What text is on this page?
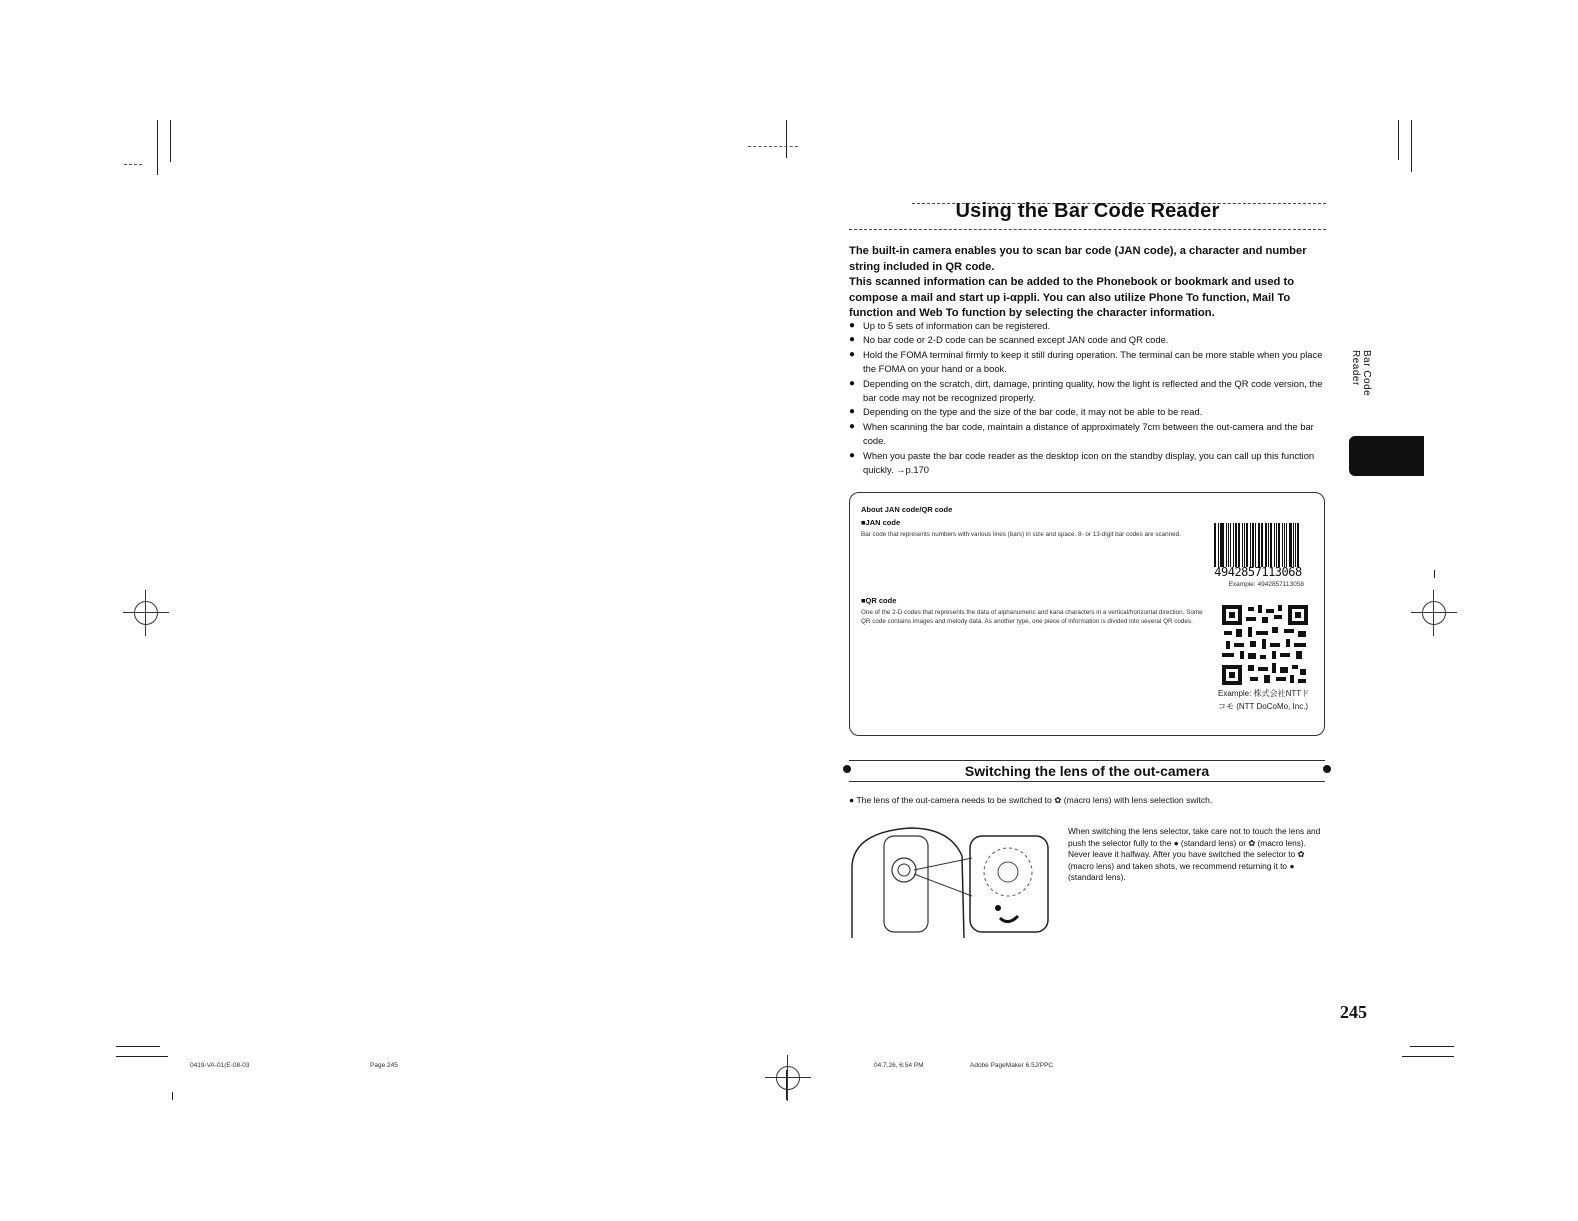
Using the Bar Code Reader
The built-in camera enables you to scan bar code (JAN code), a character and number string included in QR code.
This scanned information can be added to the Phonebook or bookmark and used to compose a mail and start up i-αppli. You can also utilize Phone To function, Mail To function and Web To function by selecting the character information.
● Up to 5 sets of information can be registered.
● No bar code or 2-D code can be scanned except JAN code and QR code.
● Hold the FOMA terminal firmly to keep it still during operation. The terminal can be more stable when you place the FOMA on your hand or a book.
● Depending on the scratch, dirt, damage, printing quality, how the light is reflected and the QR code version, the bar code may not be recognized properly.
● Depending on the type and the size of the bar code, it may not be able to be read.
● When scanning the bar code, maintain a distance of approximately 7cm between the out-camera and the bar code.
● When you paste the bar code reader as the desktop icon on the standby display, you can call up this function quickly. →p.170
About JAN code/QR code
■JAN code
Bar code that represents numbers with various lines (bars) in size and space. 8- or 13-digit bar codes are scanned.
4942857113068
Example: 4942857113058
■QR code
One of the 2-D codes that represents the data of alphanumeric and kana characters in a vertical/horizontal direction. Some QR code contains images and melody data. As another type, one piece of information is divided into several QR codes.
Example: 株式会社NTTドコモ (NTT DoCoMo, Inc.)
Switching the lens of the out-camera
● The lens of the out-camera needs to be switched to ✿ (macro lens) with lens selection switch.
When switching the lens selector, take care not to touch the lens and push the selector fully to the ● (standard lens) or ✿ (macro lens). Never leave it halfway. After you have switched the selector to ✿ (macro lens) and taken shots, we recommend returning it to ● (standard lens).
Bar Code Reader
245
0419-VA-01(E-08-03	Page 245	04.7.26, 6:54 PM	Adobe PageMaker 6.5J/PPC
